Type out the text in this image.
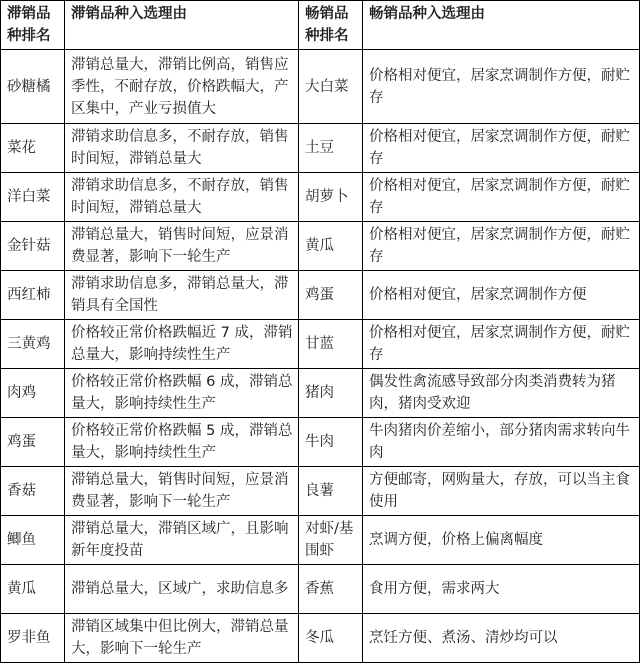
滞销品种排名	滞销品种入选理由	畅销品种排名	畅销品种入选理由
砂糖橘	滞销总量大，滞销比例高，销售应季性，不耐存放，价格跌幅大，产区集中，产业亏损值大	大白菜	价格相对便宜，居家烹调制作方便，耐贮存
菜花	滞销求助信息多，不耐存放，销售时间短，滞销总量大	土豆	价格相对便宜，居家烹调制作方便，耐贮存
洋白菜	滞销求助信息多，不耐存放，销售时间短，滞销总量大	胡萝卜	价格相对便宜，居家烹调制作方便，耐贮存
金针菇	滞销总量大，销售时间短，应景消费显著，影响下一轮生产	黄瓜	价格相对便宜，居家烹调制作方便，耐贮存
西红柿	滞销求助信息多，滞销总量大，滞销具有全国性	鸡蛋	价格相对便宜，居家烹调制作方便
三黄鸡	价格较正常价格跌幅近 7 成，滞销总量大，影响持续性生产	甘蓝	价格相对便宜，居家烹调制作方便，耐贮存
肉鸡	价格较正常价格跌幅 6 成，滞销总量大，影响持续性生产	猪肉	偶发性禽流感导致部分肉类消费转为猪肉，猪肉受欢迎
鸡蛋	价格较正常价格跌幅 5 成，滞销总量大，影响持续性生产	牛肉	牛肉猪肉价差缩小，部分猪肉需求转向牛肉
香菇	滞销总量大，销售时间短，应景消费显著，影响下一轮生产	良薯	方便邮寄，网购量大，存放，可以当主食使用
鲫鱼	滞销总量大，滞销区域广，且影响新年度投苗	对虾/基围虾	烹调方便，价格上偏离幅度
黄瓜	滞销总量大，区域广，求助信息多	香蕉	食用方便，需求两大
罗非鱼	滞销区域集中但比例大，滞销总量大，影响下一轮生产	冬瓜	烹饪方便、煮汤、清炒均可以
